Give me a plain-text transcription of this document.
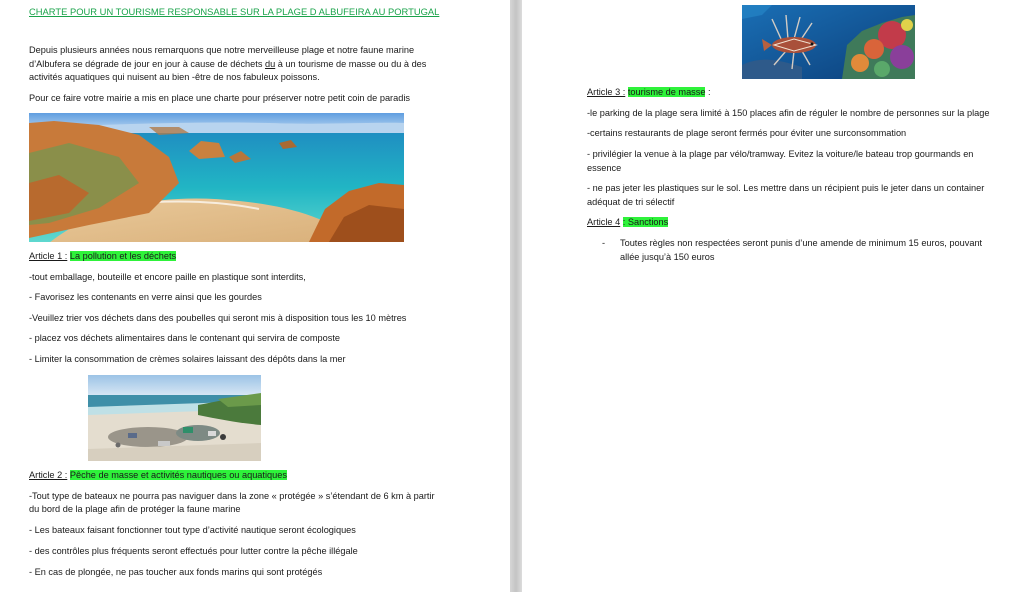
CHARTE POUR UN TOURISME RESPONSABLE SUR LA PLAGE D ALBUFEIRA AU PORTUGAL
Depuis plusieurs années nous remarquons que notre merveilleuse plage et notre faune marine
d’Albufera se dégrade de jour en jour à cause de déchets du à un tourisme de masse ou du à des
activités aquatiques qui nuisent au bien -être de nos fabuleux poissons.
Pour ce faire votre mairie a mis en place une charte pour préserver notre petit coin de paradis
Article 1 : La pollution et les déchets
-tout emballage, bouteille et encore paille en plastique sont interdits,
- Favorisez les contenants en verre ainsi que les gourdes
-Veuillez trier vos déchets dans des poubelles qui seront mis à disposition tous les 10 mètres
- placez vos déchets alimentaires dans le contenant qui servira de composte
- Limiter la consommation de crèmes solaires laissant des dépôts dans la mer
Article 2 : Pêche de masse et activités nautiques ou aquatiques
-Tout type de bateaux ne pourra pas naviguer dans la zone « protégée » s’étendant de 6 km à partir
du bord de la plage afin de protéger la faune marine
- Les bateaux faisant fonctionner tout type d’activité nautique seront écologiques
- des contrôles plus fréquents seront effectués pour lutter contre la pêche illégale
- En cas de plongée, ne pas toucher aux fonds marins qui sont protégés
Article 3 : tourisme de masse :
-le parking de la plage sera limité à 150 places afin de réguler le nombre de personnes sur la plage
-certains restaurants de plage seront fermés pour éviter une surconsommation
- privilégier la venue à la plage par vélo/tramway. Evitez la voiture/le bateau trop gourmands en
essence
- ne pas jeter les plastiques sur le sol. Les mettre dans un récipient puis le jeter dans un container
adéquat de tri sélectif
Article 4 : Sanctions
- Toutes règles non respectées seront punis d’une amende de minimum 15 euros, pouvant
allée jusqu’à 150 euros
